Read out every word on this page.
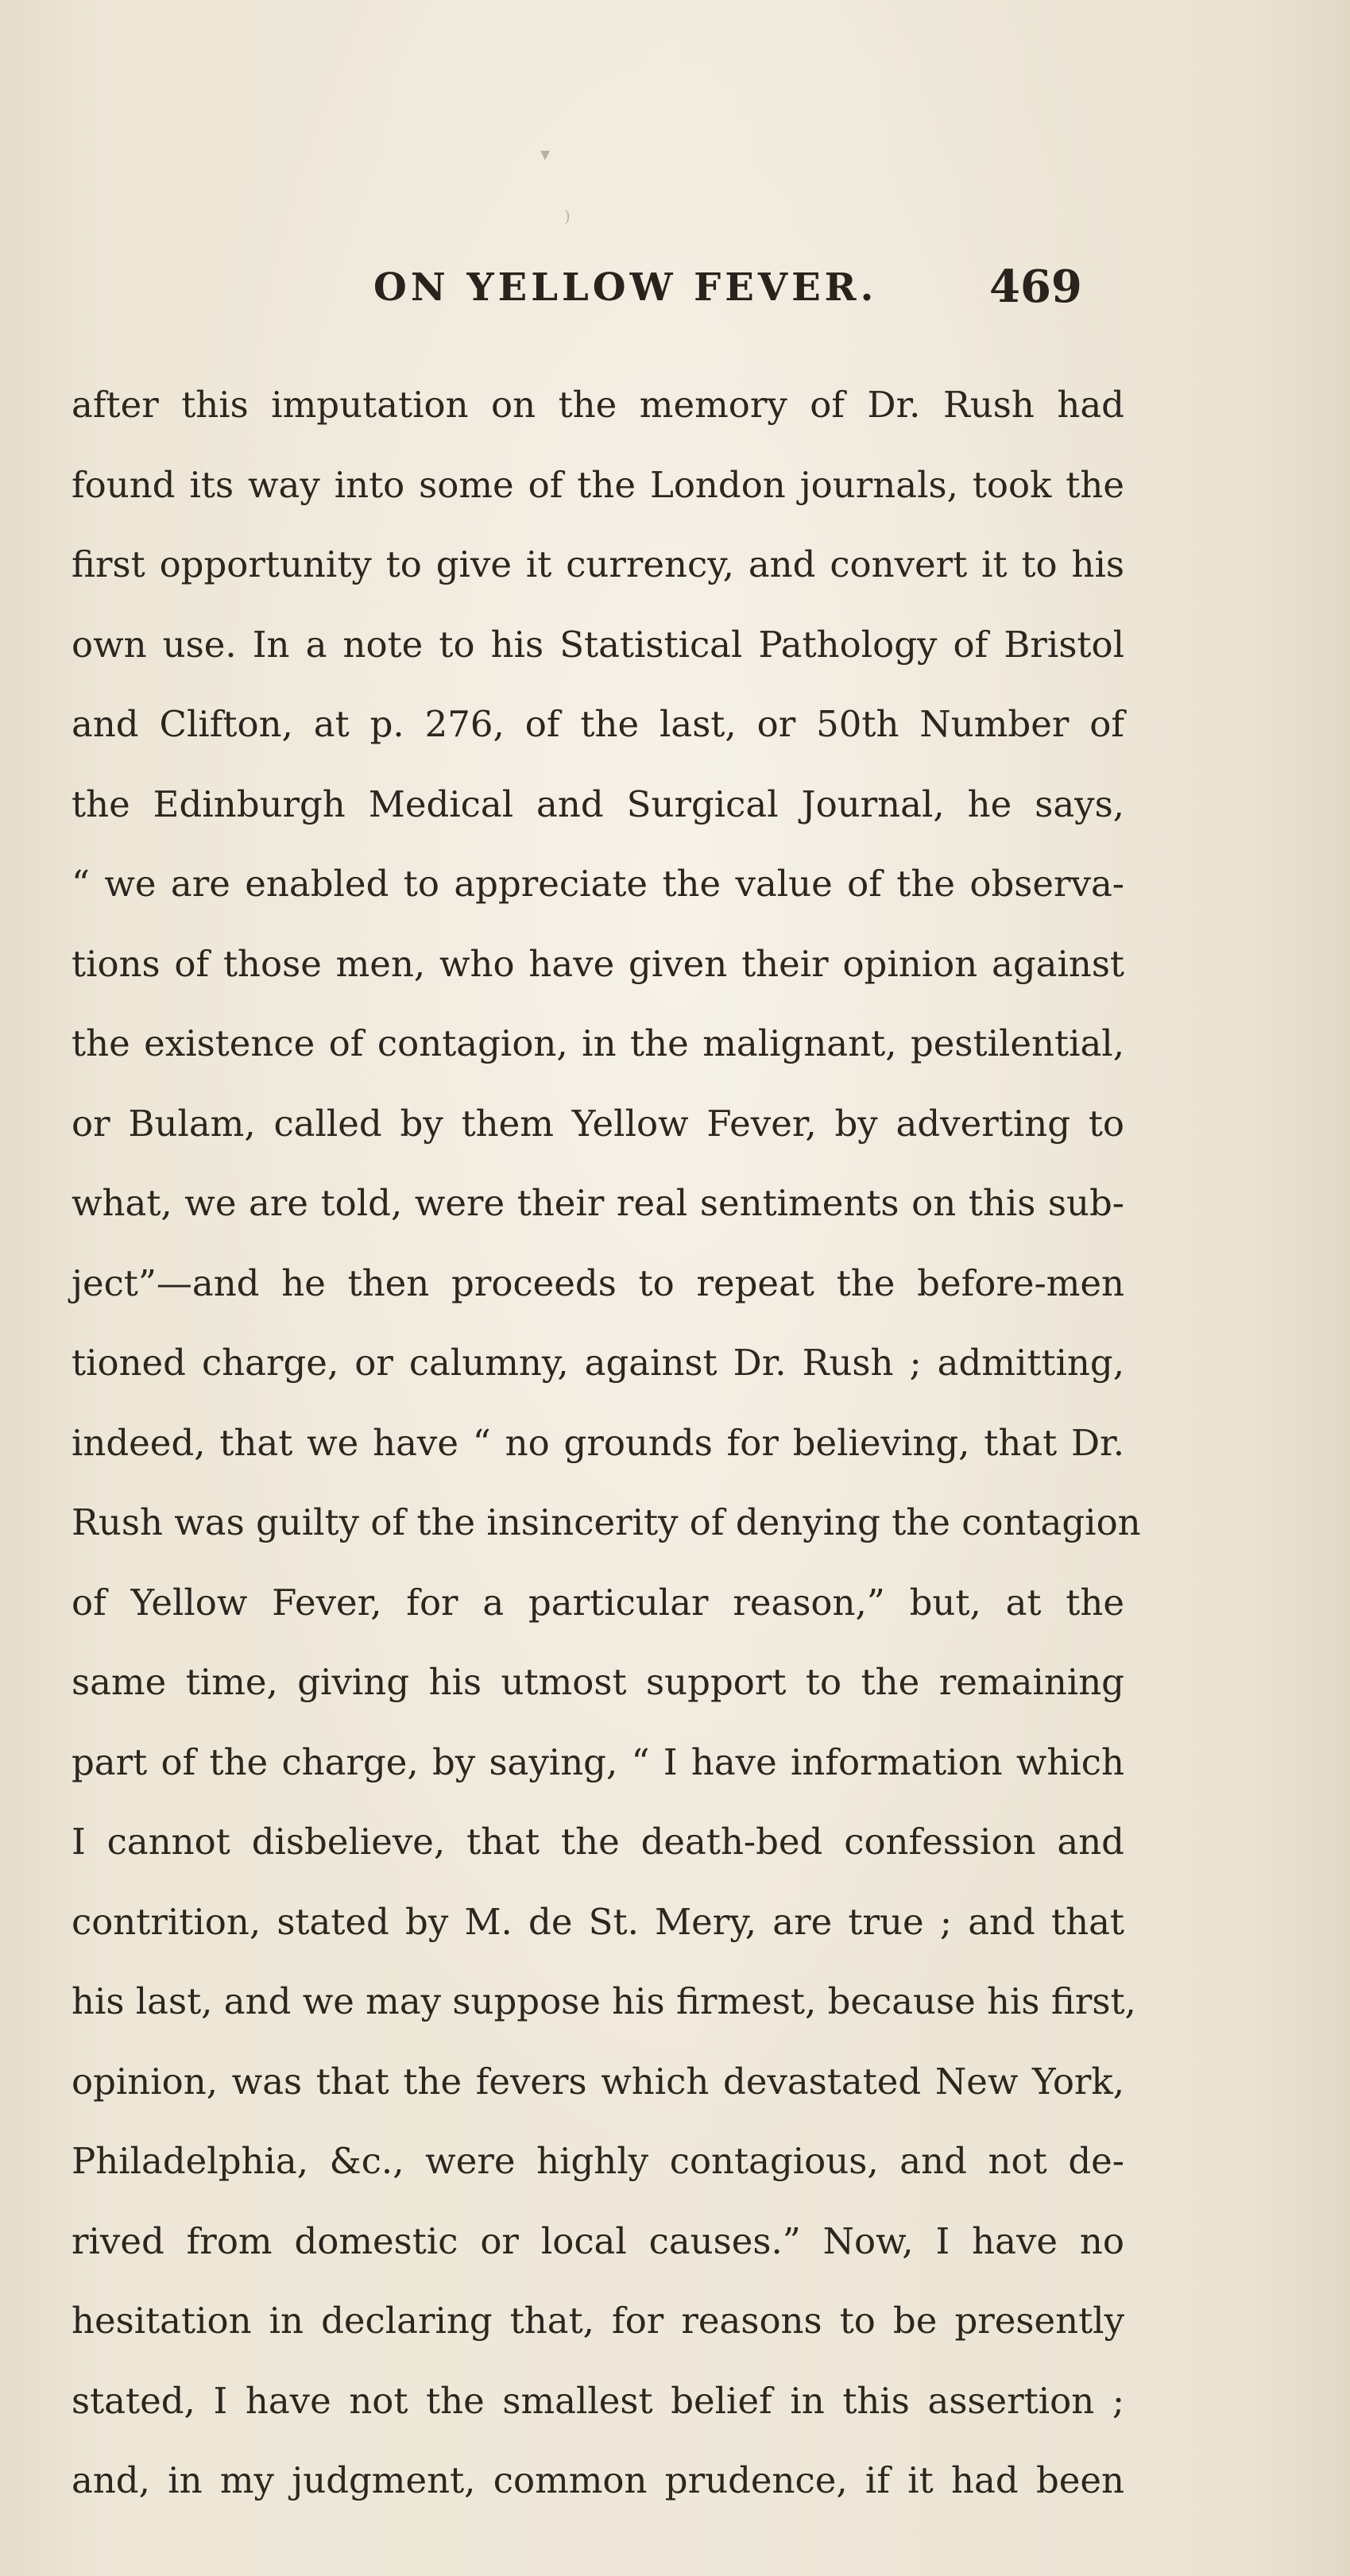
▾
)
ON YELLOW FEVER.	469
after this imputation on the memory of Dr. Rush had
found its way into some of the London journals, took the
first opportunity to give it currency, and convert it to his
own use. In a note to his Statistical Pathology of Bristol
and Clifton, at p. 276, of the last, or 50th Number of
the Edinburgh Medical and Surgical Journal, he says,
“ we are enabled to appreciate the value of the observa-
tions of those men, who have given their opinion against
the existence of contagion, in the malignant, pestilential,
or Bulam, called by them Yellow Fever, by adverting to
what, we are told, were their real sentiments on this sub-
ject”—and he then proceeds to repeat the before-men
tioned charge, or calumny, against Dr. Rush ; admitting,
indeed, that we have “ no grounds for believing, that Dr.
Rush was guilty of the insincerity of denying the contagion
of Yellow Fever, for a particular reason,” but, at the
same time, giving his utmost support to the remaining
part of the charge, by saying, “ I have information which
I cannot disbelieve, that the death-bed confession and
contrition, stated by M. de St. Mery, are true ; and that
his last, and we may suppose his firmest, because his first,
opinion, was that the fevers which devastated New York,
Philadelphia, &c., were highly contagious, and not de-
rived from domestic or local causes.” Now, I have no
hesitation in declaring that, for reasons to be presently
stated, I have not the smallest belief in this assertion ;
and, in my judgment, common prudence, if it had been
